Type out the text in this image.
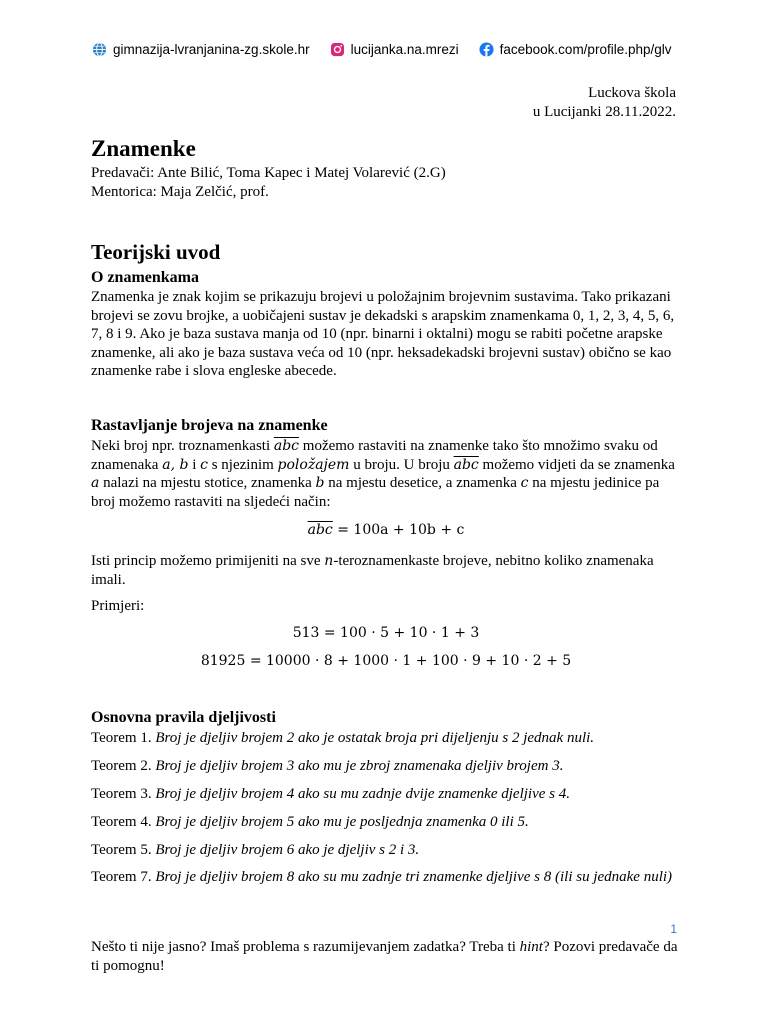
gimnazija-lvranjanina-zg.skole.hr	lucijanka.na.mrezi	facebook.com/profile.php/glv
Luckova škola
u Lucijanki 28.11.2022.
Znamenke
Predavači: Ante Bilić, Toma Kapec i Matej Volarević (2.G)
Mentorica: Maja Zelčić, prof.
Teorijski uvod
O znamenkama
Znamenka je znak kojim se prikazuju brojevi u položajnim brojevnim sustavima. Tako prikazani brojevi se zovu brojke, a uobičajeni sustav je dekadski s arapskim znamenkama 0, 1, 2, 3, 4, 5, 6, 7, 8 i 9. Ako je baza sustava manja od 10 (npr. binarni i oktalni) mogu se rabiti početne arapske znamenke, ali ako je baza sustava veća od 10 (npr. heksadekadski brojevni sustav) obično se kao znamenke rabe i slova engleske abecede.
Rastavljanje brojeva na znamenke
Neki broj npr. troznamenkasti $\overline{abc}$ možemo rastaviti na znamenke tako što množimo svaku od znamenaka a, b i c s njezinim položajem u broju. U broju $\overline{abc}$ možemo vidjeti da se znamenka a nalazi na mjestu stotice, znamenka b na mjestu desetice, a znamenka c na mjestu jedinice pa broj možemo rastaviti na sljedeći način:
$\overline{abc} = 100a + 10b + c$
Isti princip možemo primijeniti na sve n-teroznamenkaste brojeve, nebitno koliko znamenaka imali.
Primjeri:
513 = 100 · 5 + 10 · 1 + 3
81925 = 10000 · 8 + 1000 · 1 + 100 · 9 + 10 · 2 + 5
Osnovna pravila djeljivosti
Teorem 1. Broj je djeljiv brojem 2 ako je ostatak broja pri dijeljenju s 2 jednak nuli.
Teorem 2. Broj je djeljiv brojem 3 ako mu je zbroj znamenaka djeljiv brojem 3.
Teorem 3. Broj je djeljiv brojem 4 ako su mu zadnje dvije znamenke djeljive s 4.
Teorem 4. Broj je djeljiv brojem 5 ako mu je posljednja znamenka 0 ili 5.
Teorem 5. Broj je djeljiv brojem 6 ako je djeljiv s 2 i 3.
Teorem 7. Broj je djeljiv brojem 8 ako su mu zadnje tri znamenke djeljive s 8 (ili su jednake nuli)
1
Nešto ti nije jasno? Imaš problema s razumijevanjem zadatka? Treba ti hint? Pozovi predavače da ti pomognu!
